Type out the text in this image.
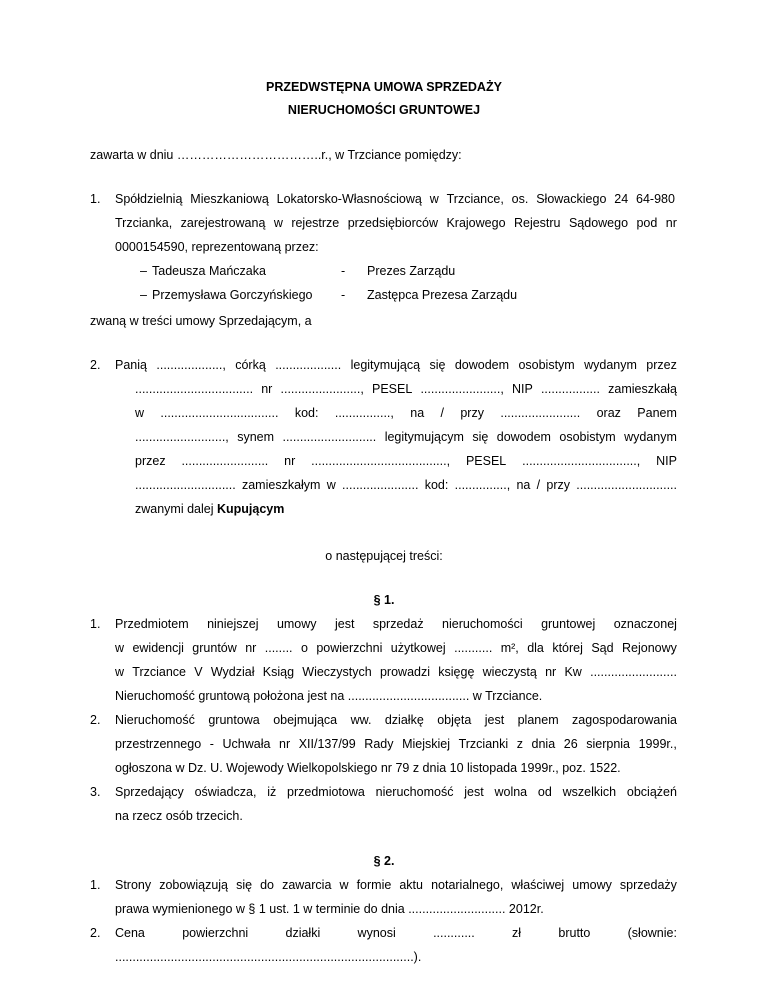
PRZEDWSTĘPNA UMOWA SPRZEDAŻY
NIERUCHOMOŚCI GRUNTOWEJ
zawarta w dniu ……………………………..r., w Trzciance pomiędzy:
1. Spółdzielnią Mieszkaniową Lokatorsko-Własnościową w Trzciance, os. Słowackiego 24 64-980
Trzcianka, zarejestrowaną w rejestrze przedsiębiorców Krajowego Rejestru Sądowego pod nr
0000154590, reprezentowaną przez:
– Tadeusza Mańczaka	- Prezes Zarządu
– Przemysława Gorczyńskiego - Zastępca Prezesa Zarządu
zwaną w treści umowy Sprzedającym, a
2. Panią ..................., córką ................... legitymującą się dowodem osobistym wydanym przez
.................................. nr ......................., PESEL ......................., NIP ................. zamieszkałą
w .................................. kod: ................, na / przy ....................... oraz Panem
.........................., synem ........................... legitymującym się dowodem osobistym wydanym
przez ......................... nr ......................................., PESEL ................................., NIP
............................. zamieszkałym w ...................... kod: ..............., na / przy .............................
zwanymi dalej Kupującym
o następującej treści:
§ 1.
1. Przedmiotem niniejszej umowy jest sprzedaż nieruchomości gruntowej oznaczonej
w ewidencji gruntów nr ........ o powierzchni użytkowej ........... m², dla której Sąd Rejonowy
w Trzciance V Wydział Ksiąg Wieczystych prowadzi księgę wieczystą nr Kw .........................
Nieruchomość gruntową położona jest na ................................... w Trzciance.
2. Nieruchomość gruntowa obejmująca ww. działkę objęta jest planem zagospodarowania
przestrzennego - Uchwała nr XII/137/99 Rady Miejskiej Trzcianki z dnia 26 sierpnia 1999r.,
ogłoszona w Dz. U. Wojewody Wielkopolskiego nr 79 z dnia 10 listopada 1999r., poz. 1522.
3. Sprzedający oświadcza, iż przedmiotowa nieruchomość jest wolna od wszelkich obciążeń
na rzecz osób trzecich.
§ 2.
1. Strony zobowiązują się do zawarcia w formie aktu notarialnego, właściwej umowy sprzedaży
prawa wymienionego w § 1 ust. 1 w terminie do dnia ............................ 2012r.
2. Cena	powierzchni	działki	wynosi	............	zł	brutto	(słownie:
......................................................................................).
